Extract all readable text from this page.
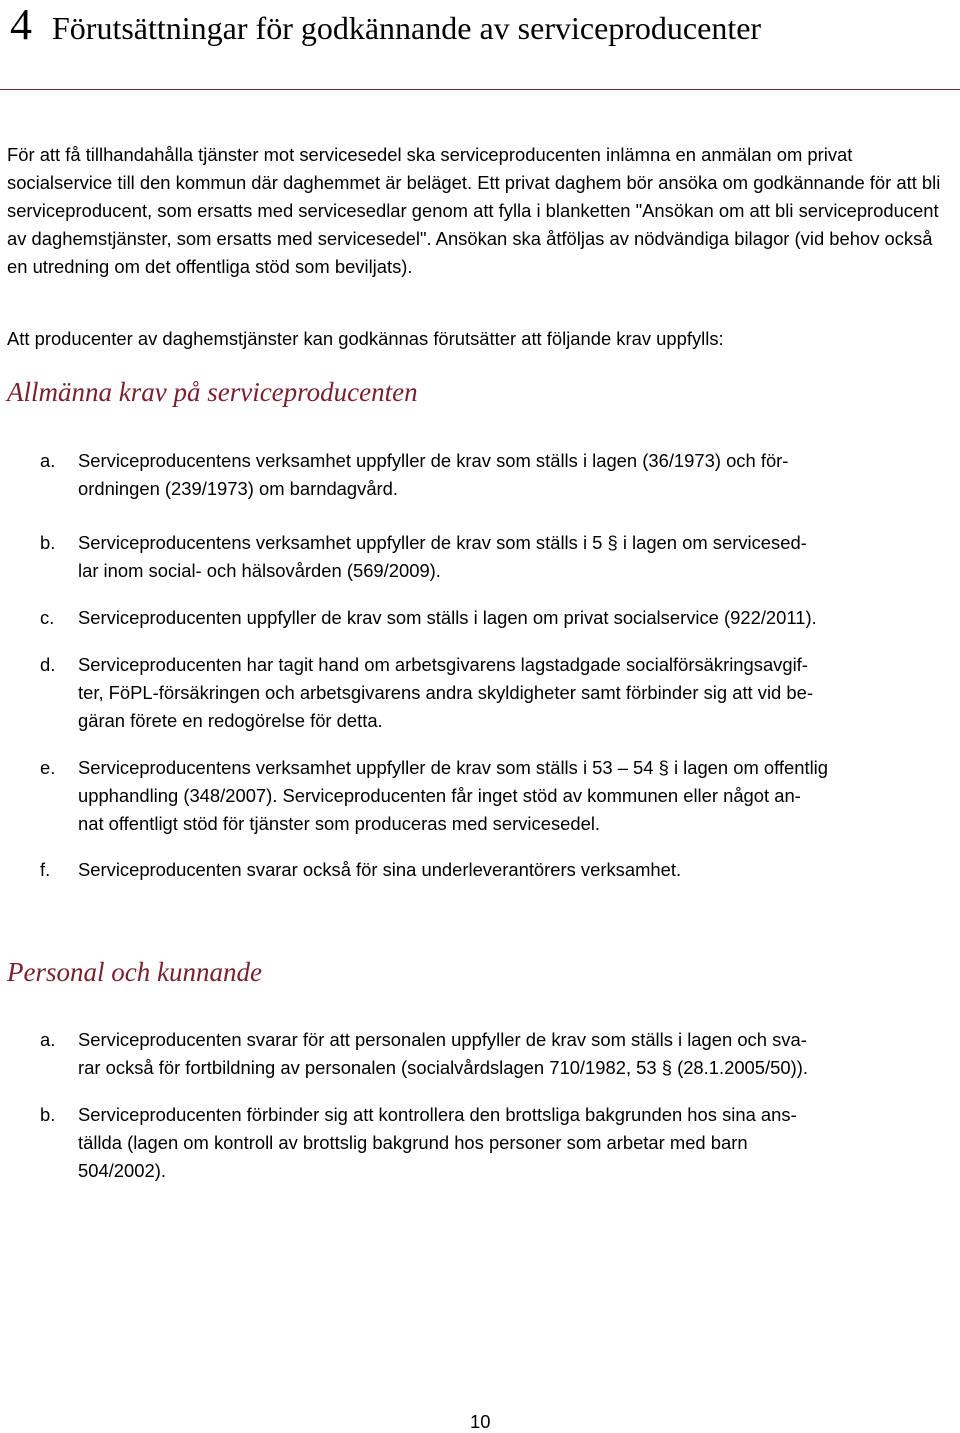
4 Förutsättningar för godkännande av serviceproducenter

För att få tillhandahålla tjänster mot servicesedel ska serviceproducenten inlämna en anmälan om privat socialservice till den kommun där daghemmet är beläget. Ett privat daghem bör ansöka om godkännande för att bli serviceproducent, som ersatts med servicesedlar genom att fylla i blanketten "Ansökan om att bli serviceproducent av daghemstjänster, som ersatts med servicesedel". Ansökan ska åtföljas av nödvändiga bilagor (vid behov också en utredning om det offentliga stöd som beviljats).

Att producenter av daghemstjänster kan godkännas förutsätter att följande krav uppfylls:

Allmänna krav på serviceproducenten
a. Serviceproducentens verksamhet uppfyller de krav som ställs i lagen (36/1973) och för-
ordningen (239/1973) om barndagvård.
b. Serviceproducentens verksamhet uppfyller de krav som ställs i 5 § i lagen om servicesed-
lar inom social- och hälsovården (569/2009).
c. Serviceproducenten uppfyller de krav som ställs i lagen om privat socialservice (922/2011).
d. Serviceproducenten har tagit hand om arbetsgivarens lagstadgade socialförsäkringsavgif-
ter, FöPL-försäkringen och arbetsgivarens andra skyldigheter samt förbinder sig att vid be-
gäran förete en redogörelse för detta.
e. Serviceproducentens verksamhet uppfyller de krav som ställs i 53 – 54 § i lagen om offentlig
upphandling (348/2007). Serviceproducenten får inget stöd av kommunen eller något an-
nat offentligt stöd för tjänster som produceras med servicesedel.
f. Serviceproducenten svarar också för sina underleverantörers verksamhet.
Personal och kunnande
a. Serviceproducenten svarar för att personalen uppfyller de krav som ställs i lagen och sva-
rar också för fortbildning av personalen (socialvårdslagen 710/1982, 53 § (28.1.2005/50)).
b. Serviceproducenten förbinder sig att kontrollera den brottsliga bakgrunden hos sina ans-
tällda (lagen om kontroll av brottslig bakgrund hos personer som arbetar med barn
504/2002).
10
